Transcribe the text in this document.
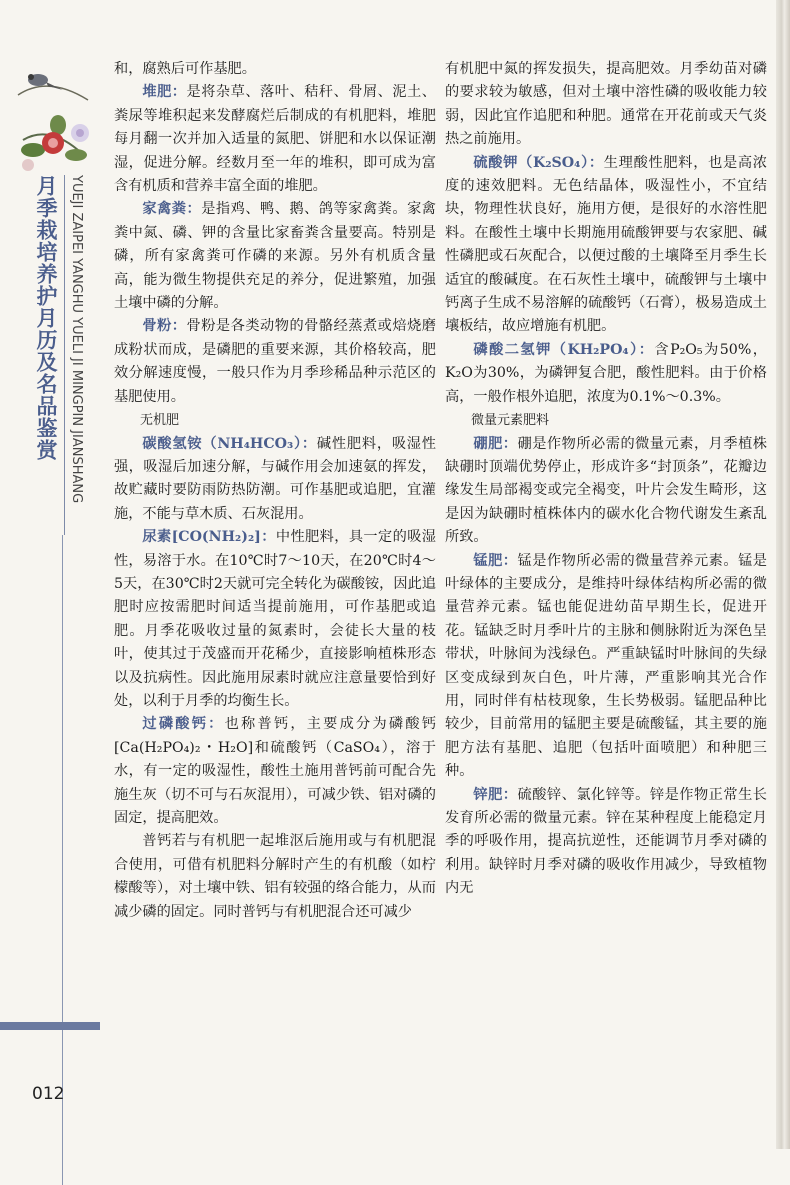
月季栽培养护月历及名品鉴赏 YUEJI ZAIPEI YANGHU YUELI JI MINGPIN JIANSHANG
012

和，腐熟后可作基肥。

堆肥：是将杂草、落叶、秸秆、骨屑、泥土、粪尿等堆积起来发酵腐烂后制成的有机肥料，堆肥每月翻一次并加入适量的氮肥、饼肥和水以保证潮湿，促进分解。经数月至一年的堆积，即可成为富含有机质和营养丰富全面的堆肥。

家禽粪：是指鸡、鸭、鹅、鸽等家禽粪。家禽粪中氮、磷、钾的含量比家畜粪含量要高。特别是磷，所有家禽粪可作磷的来源。另外有机质含量高，能为微生物提供充足的养分，促进繁殖，加强土壤中磷的分解。

骨粉：骨粉是各类动物的骨骼经蒸煮或焙烧磨成粉状而成，是磷肥的重要来源，其价格较高，肥效分解速度慢，一般只作为月季珍稀品种示范区的基肥使用。

无机肥

碳酸氢铵（NH₄HCO₃）：碱性肥料，吸湿性强，吸湿后加速分解，与碱作用会加速氨的挥发，故贮藏时要防雨防热防潮。可作基肥或追肥，宜灌施，不能与草木质、石灰混用。

尿素[CO(NH₂)₂]：中性肥料，具一定的吸湿性，易溶于水。在10℃时7～10天，在20℃时4～5天，在30℃时2天就可完全转化为碳酸铵，因此追肥时应按需肥时间适当提前施用，可作基肥或追肥。月季花吸收过量的氮素时，会徒长大量的枝叶，使其过于茂盛而开花稀少，直接影响植株形态以及抗病性。因此施用尿素时就应注意量要恰到好处，以利于月季的均衡生长。

过磷酸钙：也称普钙，主要成分为磷酸钙[Ca(H₂PO₄)₂・H₂O]和硫酸钙（CaSO₄），溶于水，有一定的吸湿性，酸性土施用普钙前可配合先施生灰（切不可与石灰混用），可减少铁、铝对磷的固定，提高肥效。

普钙若与有机肥一起堆沤后施用或与有机肥混合使用，可借有机肥料分解时产生的有机酸（如柠檬酸等），对土壤中铁、铝有较强的络合能力，从而减少磷的固定。同时普钙与有机肥混合还可减少

有机肥中氮的挥发损失，提高肥效。月季幼苗对磷的要求较为敏感，但对土壤中溶性磷的吸收能力较弱，因此宜作追肥和种肥。通常在开花前或天气炎热之前施用。

硫酸钾（K₂SO₄）：生理酸性肥料，也是高浓度的速效肥料。无色结晶体，吸湿性小，不宜结块，物理性状良好，施用方便，是很好的水溶性肥料。在酸性土壤中长期施用硫酸钾要与农家肥、碱性磷肥或石灰配合，以便过酸的土壤降至月季生长适宜的酸碱度。在石灰性土壤中，硫酸钾与土壤中钙离子生成不易溶解的硫酸钙（石膏），极易造成土壤板结，故应增施有机肥。

磷酸二氢钾（KH₂PO₄）：含P₂O₅为50%，K₂O为30%，为磷钾复合肥，酸性肥料。由于价格高，一般作根外追肥，浓度为0.1%～0.3%。

微量元素肥料

硼肥：硼是作物所必需的微量元素，月季植株缺硼时顶端优势停止，形成许多“封顶条”，花瓣边缘发生局部褐变或完全褐变，叶片会发生畸形，这是因为缺硼时植株体内的碳水化合物代谢发生紊乱所致。

锰肥：锰是作物所必需的微量营养元素。锰是叶绿体的主要成分，是维持叶绿体结构所必需的微量营养元素。锰也能促进幼苗早期生长，促进开花。锰缺乏时月季叶片的主脉和侧脉附近为深色呈带状，叶脉间为浅绿色。严重缺锰时叶脉间的失绿区变成绿到灰白色，叶片薄，严重影响其光合作用，同时伴有枯枝现象，生长势极弱。锰肥品种比较少，目前常用的锰肥主要是硫酸锰，其主要的施肥方法有基肥、追肥（包括叶面喷肥）和种肥三种。

锌肥：硫酸锌、氯化锌等。锌是作物正常生长发育所必需的微量元素。锌在某种程度上能稳定月季的呼吸作用，提高抗逆性，还能调节月季对磷的利用。缺锌时月季对磷的吸收作用减少，导致植物内无
